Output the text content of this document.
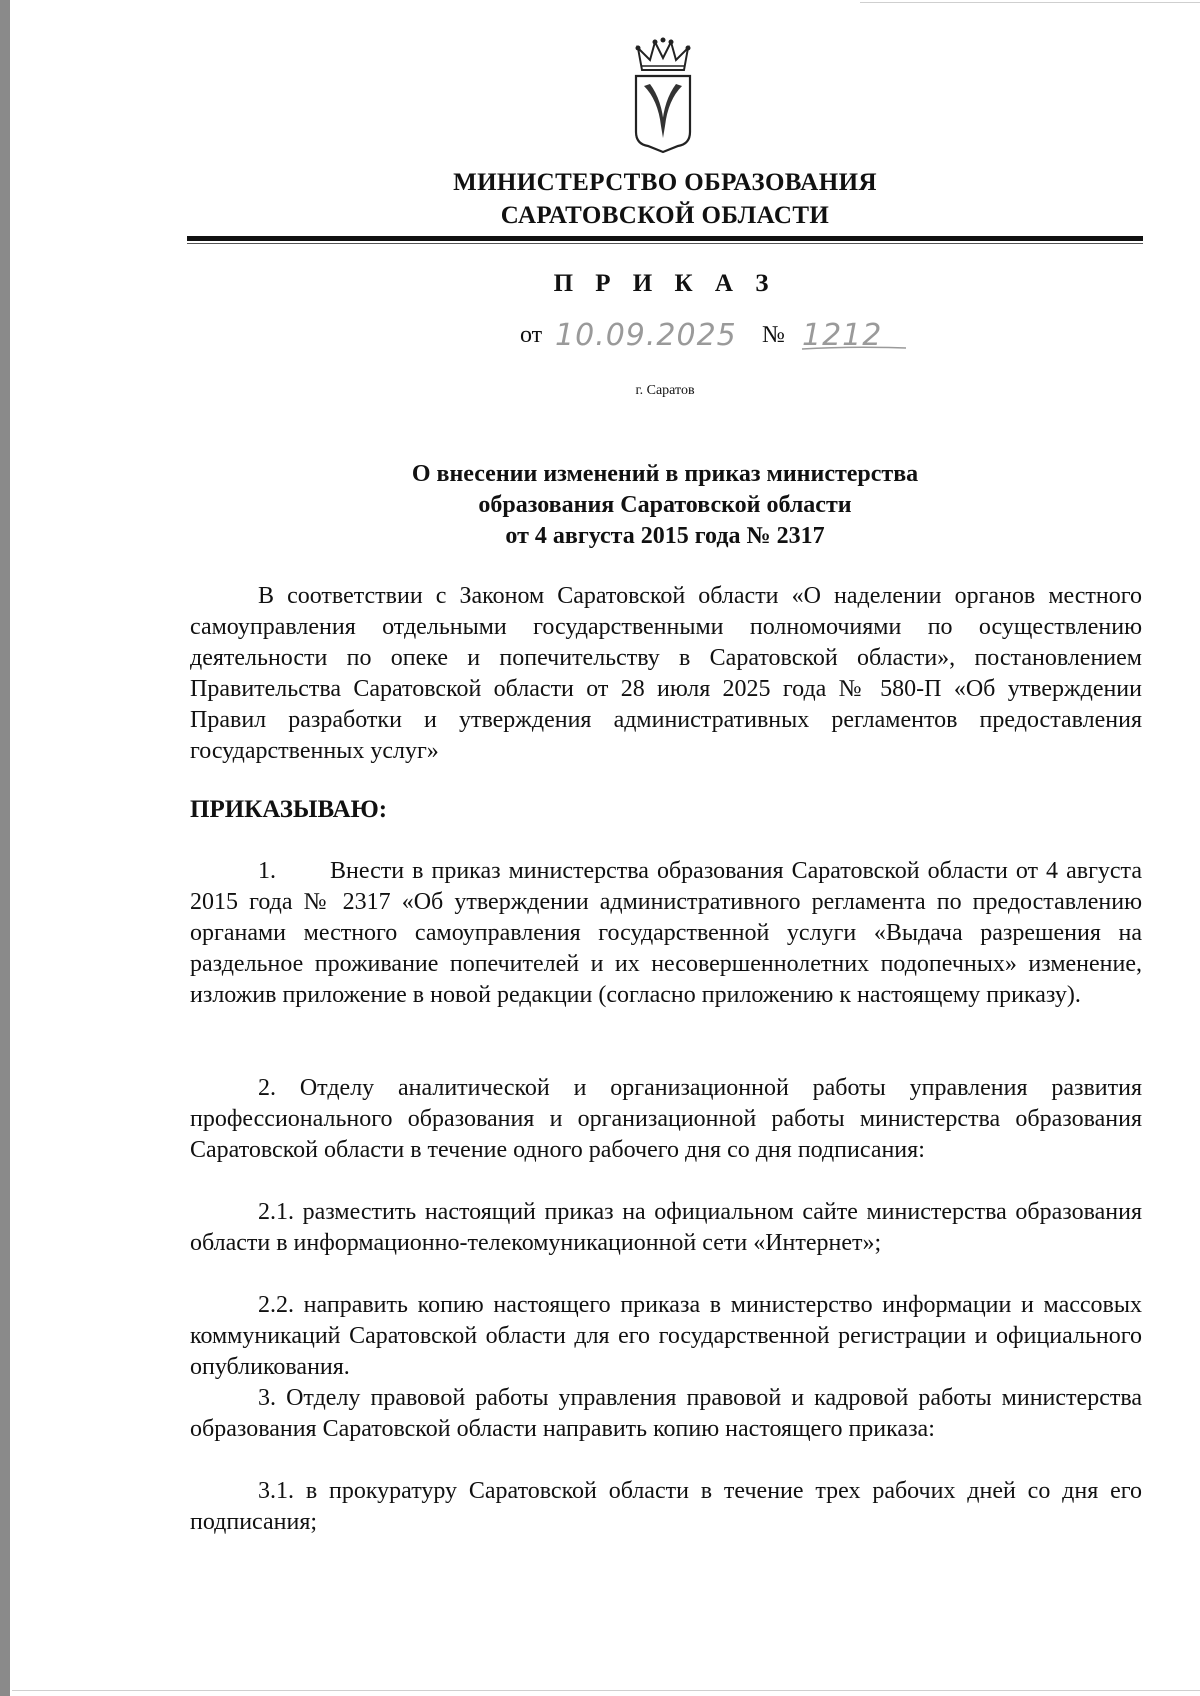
МИНИСТЕРСТВО ОБРАЗОВАНИЯ
САРАТОВСКОЙ ОБЛАСТИ
П Р И К А З
от 10.09.2025 № 1212
г. Саратов
О внесении изменений в приказ министерства
образования Саратовской области
от 4 августа 2015 года № 2317
В соответствии с Законом Саратовской области «О наделении органов местного самоуправления отдельными государственными полномочиями по осуществлению деятельности по опеке и попечительству в Саратовской области», постановлением Правительства Саратовской области от 28 июля 2025 года № 580-П «Об утверждении Правил разработки и утверждения административных регламентов предоставления государственных услуг»
ПРИКАЗЫВАЮ:
1. Внести в приказ министерства образования Саратовской области от 4 августа 2015 года № 2317 «Об утверждении административного регламента по предоставлению органами местного самоуправления государственной услуги «Выдача разрешения на раздельное проживание попечителей и их несовершеннолетних подопечных» изменение, изложив приложение в новой редакции (согласно приложению к настоящему приказу).
2. Отделу аналитической и организационной работы управления развития профессионального образования и организационной работы министерства образования Саратовской области в течение одного рабочего дня со дня подписания:
2.1. разместить настоящий приказ на официальном сайте министерства образования области в информационно-телекомуникационной сети «Интернет»;
2.2. направить копию настоящего приказа в министерство информации и массовых коммуникаций Саратовской области для его государственной регистрации и официального опубликования.
3. Отделу правовой работы управления правовой и кадровой работы министерства образования Саратовской области направить копию настоящего приказа:
3.1. в прокуратуру Саратовской области в течение трех рабочих дней со дня его подписания;
